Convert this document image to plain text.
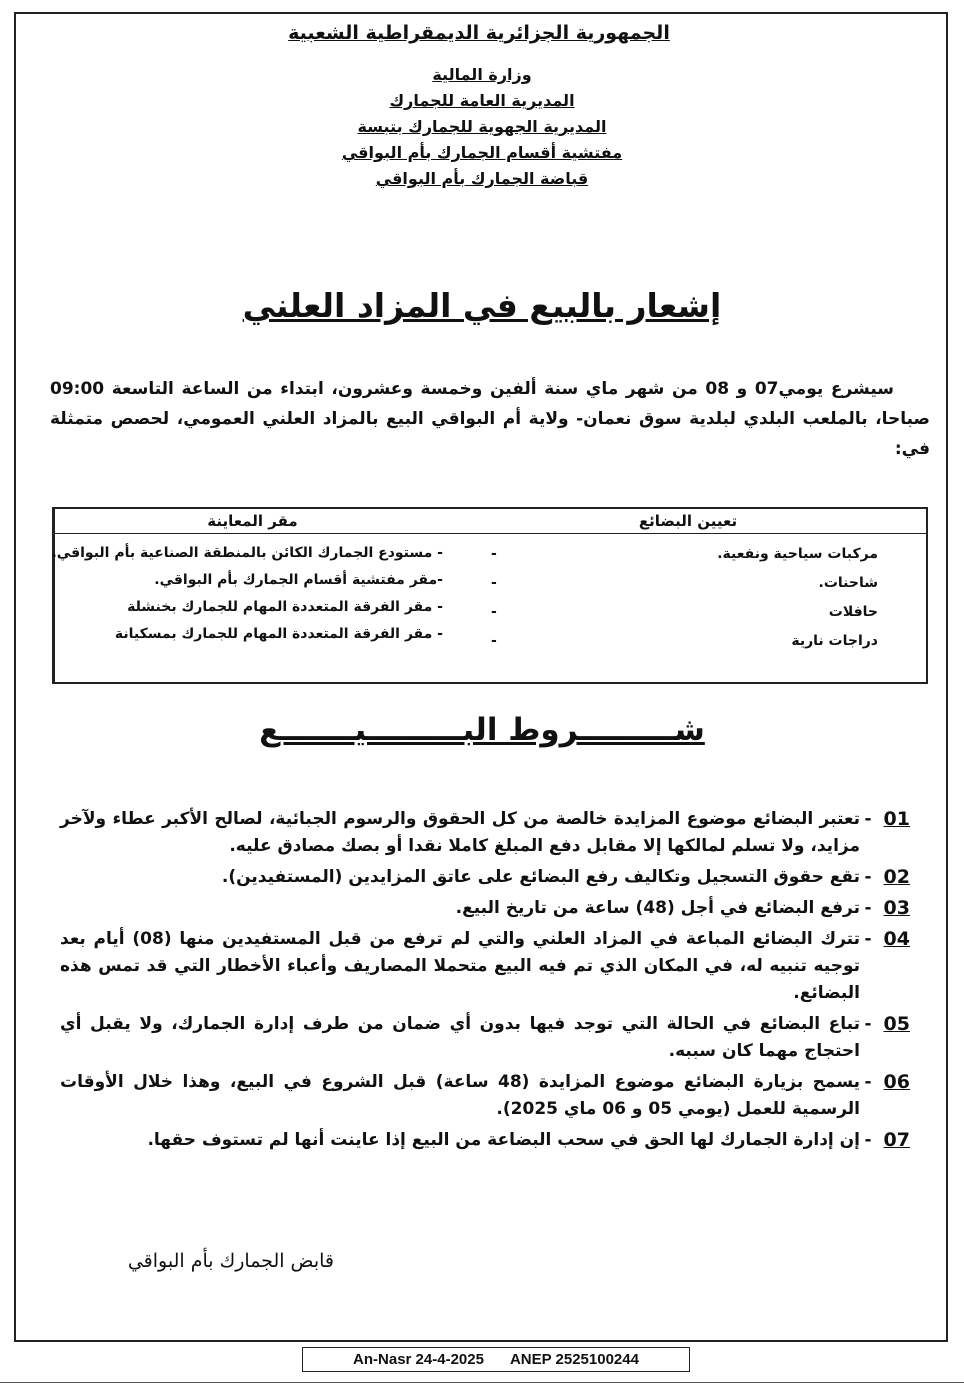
الجمهورية الجزائرية الديمقراطية الشعبية
وزارة المالية
المديرية العامة للجمارك
المديرية الجهوية للجمارك بتبسة
مفتشية أقسام الجمارك بأم البواقي
قباضة الجمارك بأم البواقي
إشعار بالبيع في المزاد العلني
سيشرع يومي07 و 08 من شهر ماي سنة ألفين وخمسة وعشرون، ابتداء من الساعة التاسعة 09:00 صباحا، بالملعب البلدي لبلدية سوق نعمان- ولاية أم البواقي البيع بالمزاد العلني العمومي، لحصص متمثلة في:
تعيين البضائع
مقر المعاينة
مركبات سياحية ونفعية.
-
شاحنات.
-
حافلات
-
دراجات نارية
-
- مستودع الجمارك الكائن بالمنطقة الصناعية بأم البواقي.
-مقر مفتشية أقسام الجمارك بأم البواقي.
- مقر الفرقة المتعددة المهام للجمارك بخنشلة
- مقر الفرقة المتعددة المهام للجمارك بمسكيانة
شـــــــــروط البـــــــــيـــــــع
01
-
تعتبر البضائع موضوع المزايدة خالصة من كل الحقوق والرسوم الجبائية، لصالح الأكبر عطاء ولآخر مزايد، ولا تسلم لمالكها إلا مقابل دفع المبلغ كاملا نقدا أو بصك مصادق عليه.
02
-
تقع حقوق التسجيل وتكاليف رفع البضائع على عاتق المزايدين (المستفيدين).
03
-
ترفع البضائع في أجل (48) ساعة من تاريخ البيع.
04
-
تترك البضائع المباعة في المزاد العلني والتي لم ترفع من قبل المستفيدين منها (08) أيام بعد توجيه تنبيه له، في المكان الذي تم فيه البيع متحملا المصاريف وأعباء الأخطار التي قد تمس هذه البضائع.
05
-
تباع البضائع في الحالة التي توجد فيها بدون أي ضمان من طرف إدارة الجمارك، ولا يقبل أي احتجاج مهما كان سببه.
06
-
يسمح بزيارة البضائع موضوع المزايدة (48 ساعة) قبل الشروع في البيع، وهذا خلال الأوقات الرسمية للعمل (يومي 05 و 06 ماي 2025).
07
-
إن إدارة الجمارك لها الحق في سحب البضاعة من البيع إذا عاينت أنها لم تستوف حقها.
قابض الجمارك بأم البواقي
An-Nasr 24-4-2025 ANEP 2525100244
